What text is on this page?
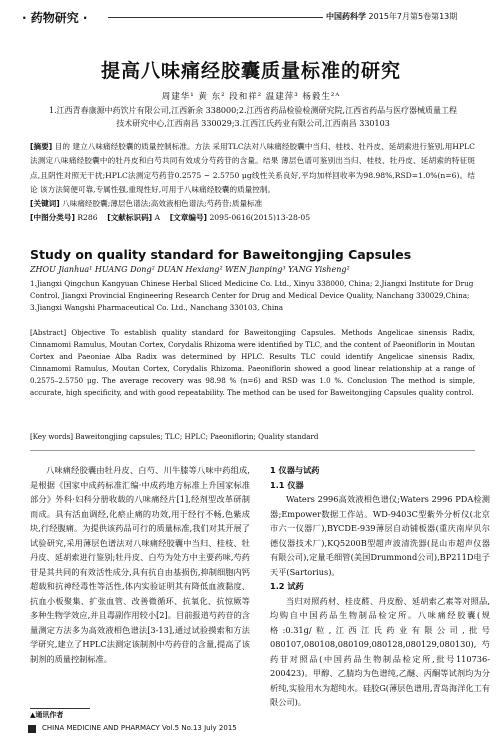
· 药物研究 ·	中国药科学 2015年7月第5卷第13期
提高八味痛经胶囊质量标准的研究
周建华¹ 黄 东² 段和祥² 温建萍³ 杨毅生²ᴬ
1.江西青春康源中药饮片有限公司,江西新余 338000;2.江西省药品检验检测研究院,江西省药品与医疗器械质量工程技术研究中心,江西南昌 330029;3.江西江氏药业有限公司,江西南昌 330103

[摘要] 目的 建立八味痛经胶囊的质量控制标准。方法 采用TLC法对八味痛经胶囊中当归、桂枝、牡丹皮、延胡索进行鉴别,用HPLC法测定八味痛经胶囊中的牡丹皮和白芍共同有效成分芍药苷的含量。结果 薄层色谱可鉴别出当归、桂枝、牡丹皮、延胡索的特征斑点,且阴性对照无干扰;HPLC法测定芍药苷0.2575 ~ 2.5750 μg线性关系良好,平均加样回收率为98.98%,RSD=1.0%(n=6)。结论 该方法简便可靠,专属性强,重现性好,可用于八味痛经胶囊的质量控制。

[关键词] 八味痛经胶囊;薄层色谱法;高效液相色谱法;芍药苷;质量标准

[中图分类号] R286 [文献标识码] A [文章编号] 2095-0616(2015)13-28-05

Study on quality standard for Baweitongjing Capsules
ZHOU Jianhua¹ HUANG Dong² DUAN Hexiang² WEN Jianping³ YANG Yisheng²
1.Jiangxi Qingchun Kangyuan Chinese Herbal Sliced Medicine Co. Ltd., Xinyu 338000, China; 2.Jiangxi Institute for Drug Control, Jiangxi Provincial Engineering Research Center for Drug and Medical Device Quality, Nanchang 330029,China; 3.Jiangxi Wangshi Pharmaceutical Co. Ltd., Nanchang 330103, China
[Abstract] Objective To establish quality standard for Baweitongjing Capsules. Methods Angelicae sinensis Radix, Cinnamomi Ramulus, Moutan Cortex, Corydalis Rhizoma were identified by TLC, and the content of Paeoniflorin in Moutan Cortex and Paeoniae Alba Radix was determined by HPLC. Results TLC could identify Angelicae sinensis Radix, Cinnamomi Ramulus, Moutan Cortex, Corydalis Rhizoma. Paeoniflorin showed a good linear relationship at a range of 0.2575–2.5750 μg. The average recovery was 98.98 % (n=6) and RSD was 1.0 %. Conclusion The method is simple, accurate, high specificity, and with good repeatability. The method can be used for Baweitongjing Capsules quality control.
[Key words] Baweitongjing capsules; TLC; HPLC; Paeoniflorin; Quality standard

八味痛经胶囊由牡丹皮、白芍、川牛膝等八味中药组成,是根据《国家中成药标准汇编·中成药地方标准上升国家标准部分》外科·妇科分册收载的八味痛经片[1],经剂型改革研制而成。具有活血调经,化瘀止痛的功效,用于经行不畅,色紫成块,行经腹痛。为提供该药品可行的质量标准,我们对其开展了试验研究,采用薄层色谱法对八味痛经胶囊中当归、桂枝、牡丹皮、延胡索进行鉴别;牡丹皮、白芍为处方中主要药味,芍药苷是其共同的有效活性成分,具有抗自由基损伤,抑制细胞内钙超载和抗神经毒性等活性,体内实验证明其有降低血液黏度、抗血小板聚集、扩张血管、改善微循环、抗氧化、抗惊厥等多种生物学效应,并且毒副作用较小[2]。目前报道芍药苷的含量测定方法多为高效液相色谱法[3-13],通过试验摸索和方法学研究,建立了HPLC法测定该制剂中芍药苷的含量,提高了该制剂的质量控制标准。

1 仪器与试药

1.1 仪器

Waters 2996高效液相色谱仪;Waters 2996 PDA检测器;Empower数据工作站。WD-9403C型紫外分析仪(北京市六一仪器厂),BYCDE-939薄层自动铺板器(重庆南岸贝尔德仪器技术厂),KQ5200B型超声波清洗器(昆山市超声仪器有限公司),定量毛细管(美国Drummond公司),BP211D电子天平(Sartorius)。

1.2 试药

当归对照药材、桂皮醛、丹皮酚、延胡索乙素等对照品,均购自中国药品生物制品检定所。八味痛经胶囊(规格:0.31g/粒,江西江氏药业有限公司,批号080107,080108,080109,080128,080129,080130),芍药苷对照品(中国药品生物制品检定所,批号110736-200423)。甲醇、乙腈均为色谱纯,乙醚、丙酮等试剂均为分析纯,实验用水为超纯水。硅胶G(薄层色谱用,青岛海洋化工有限公司)。

▲通讯作者
CHINA MEDICINE AND PHARMACY Vol.5 No.13 July 2015
